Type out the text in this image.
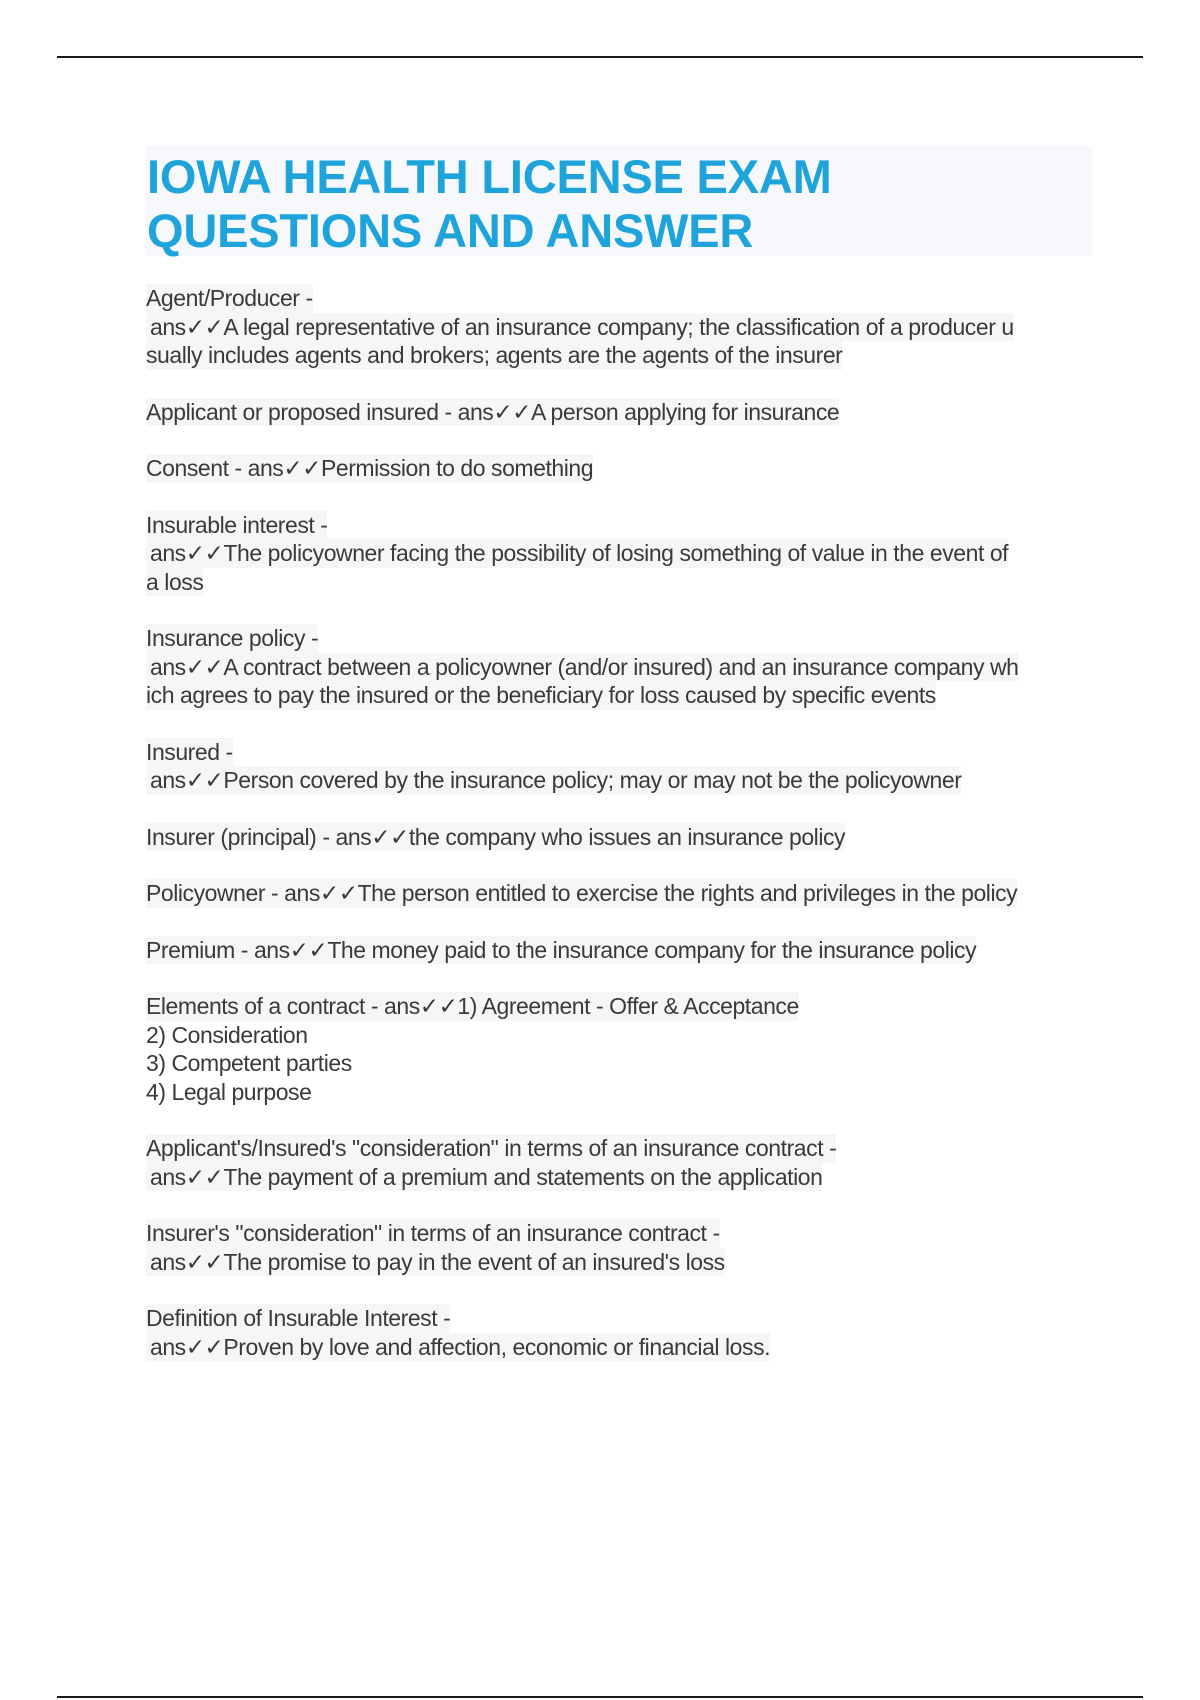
IOWA HEALTH LICENSE EXAM
QUESTIONS AND ANSWER
Agent/Producer -
ans✓✓A legal representative of an insurance company; the classification of a producer u
sually includes agents and brokers; agents are the agents of the insurer
Applicant or proposed insured - ans✓✓A person applying for insurance
Consent - ans✓✓Permission to do something
Insurable interest -
ans✓✓The policyowner facing the possibility of losing something of value in the event of
a loss
Insurance policy -
ans✓✓A contract between a policyowner (and/or insured) and an insurance company wh
ich agrees to pay the insured or the beneficiary for loss caused by specific events
Insured -
ans✓✓Person covered by the insurance policy; may or may not be the policyowner
Insurer (principal) - ans✓✓the company who issues an insurance policy
Policyowner - ans✓✓The person entitled to exercise the rights and privileges in the policy
Premium - ans✓✓The money paid to the insurance company for the insurance policy
Elements of a contract - ans✓✓1) Agreement - Offer & Acceptance
2) Consideration
3) Competent parties
4) Legal purpose
Applicant's/Insured's "consideration" in terms of an insurance contract -
ans✓✓The payment of a premium and statements on the application
Insurer's "consideration" in terms of an insurance contract -
ans✓✓The promise to pay in the event of an insured's loss
Definition of Insurable Interest -
ans✓✓Proven by love and affection, economic or financial loss.
